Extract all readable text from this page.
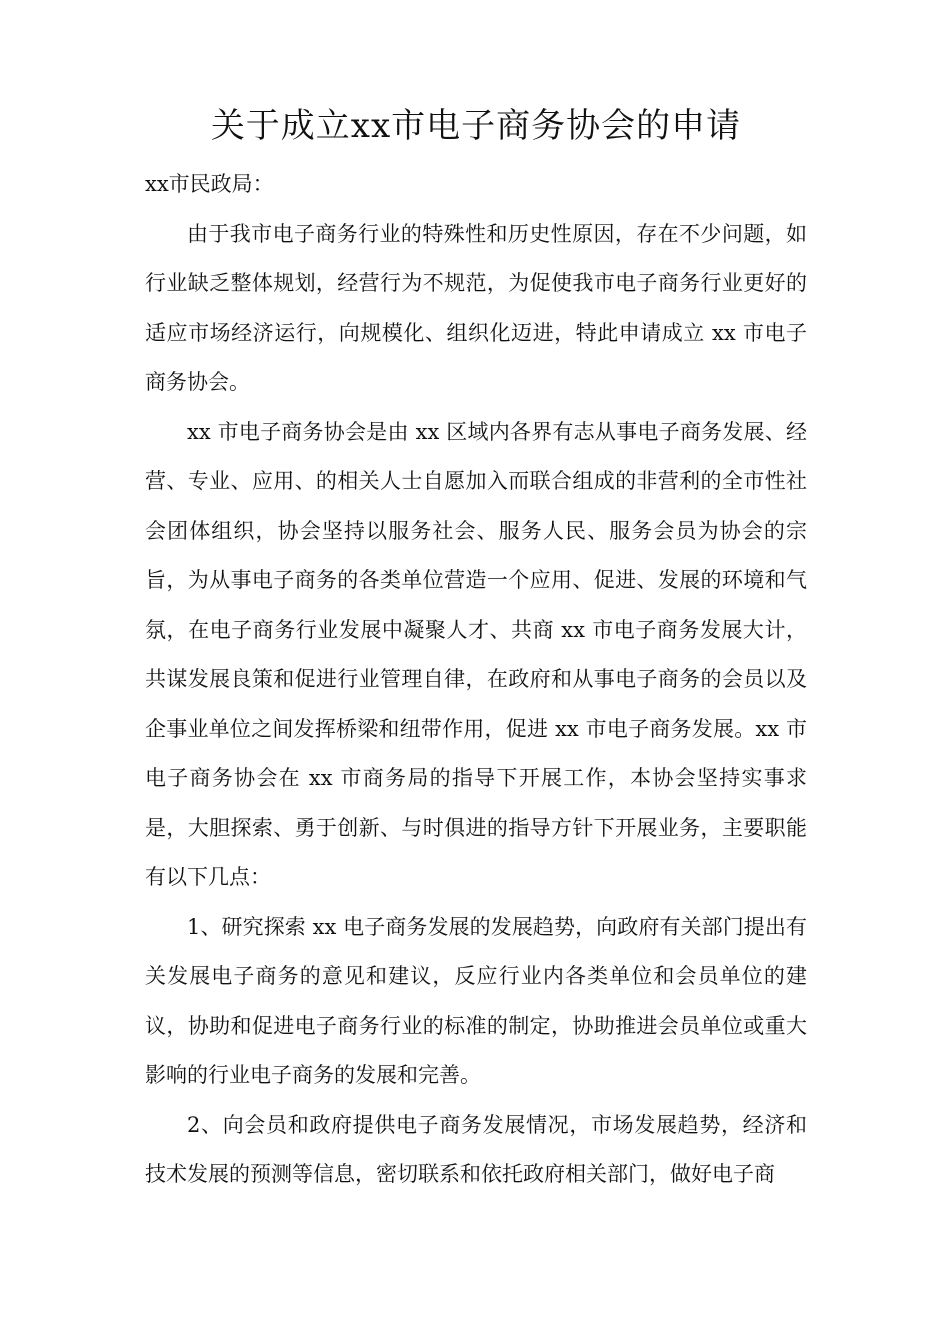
关于成立xx市电子商务协会的申请

xx市民政局：

由于我市电子商务行业的特殊性和历史性原因，存在不少问题，如行业缺乏整体规划，经营行为不规范，为促使我市电子商务行业更好的适应市场经济运行，向规模化、组织化迈进，特此申请成立 xx 市电子商务协会。

xx 市电子商务协会是由 xx 区域内各界有志从事电子商务发展、经营、专业、应用、的相关人士自愿加入而联合组成的非营利的全市性社会团体组织，协会坚持以服务社会、服务人民、服务会员为协会的宗旨，为从事电子商务的各类单位营造一个应用、促进、发展的环境和气氛，在电子商务行业发展中凝聚人才、共商 xx 市电子商务发展大计，共谋发展良策和促进行业管理自律，在政府和从事电子商务的会员以及企事业单位之间发挥桥梁和纽带作用，促进 xx 市电子商务发展。xx 市电子商务协会在 xx 市商务局的指导下开展工作，本协会坚持实事求是，大胆探索、勇于创新、与时俱进的指导方针下开展业务，主要职能有以下几点：

1、研究探索 xx 电子商务发展的发展趋势，向政府有关部门提出有关发展电子商务的意见和建议，反应行业内各类单位和会员单位的建议，协助和促进电子商务行业的标准的制定，协助推进会员单位或重大影响的行业电子商务的发展和完善。

2、向会员和政府提供电子商务发展情况，市场发展趋势，经济和技术发展的预测等信息，密切联系和依托政府相关部门，做好电子商
